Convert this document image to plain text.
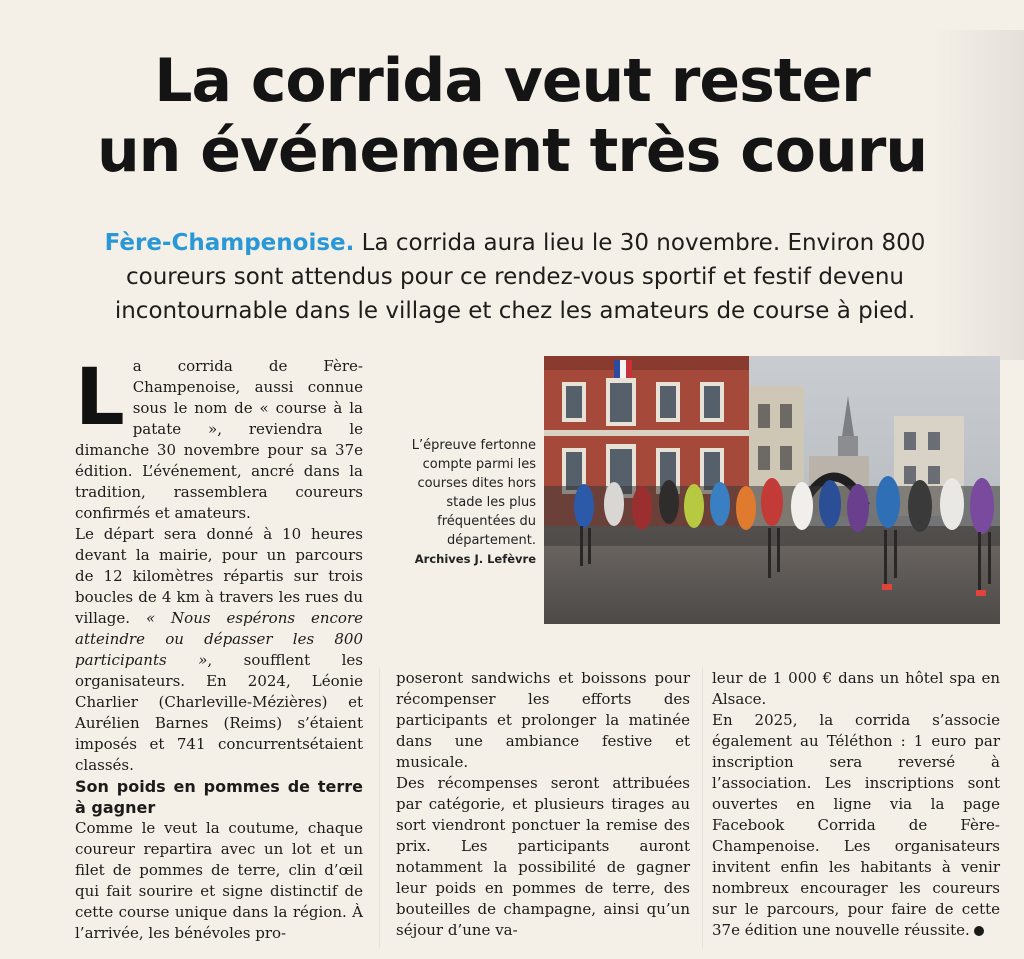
La corrida veut rester
un événement très couru
Fère-Champenoise. La corrida aura lieu le 30 novembre. Environ 800 coureurs sont attendus pour ce rendez-vous sportif et festif devenu incontournable dans le village et chez les amateurs de course à pied.

La corrida de Fère-Champenoise, aussi connue sous le nom de « course à la patate », reviendra le dimanche 30 novembre pour sa 37e édition. L’événement, ancré dans la tradition, rassemblera coureurs confirmés et amateurs.

Le départ sera donné à 10 heures devant la mairie, pour un parcours de 12 kilomètres répartis sur trois boucles de 4 km à travers les rues du village. « Nous espérons encore atteindre ou dépasser les 800 participants », soufflent les organisateurs. En 2024, Léonie Charlier (Charleville-Mézières) et Aurélien Barnes (Reims) s’étaient imposés et 741 concurrentsétaient classés.

Son poids en pommes de terre à gagner

Comme le veut la coutume, chaque coureur repartira avec un lot et un filet de pommes de terre, clin d’œil qui fait sourire et signe distinctif de cette course unique dans la région. À l’arrivée, les bénévoles pro-

L’épreuve fertonne compte parmi les courses dites hors stade les plus fréquentées du département.
Archives J. Lefèvre

poseront sandwichs et boissons pour récompenser les efforts des participants et prolonger la matinée dans une ambiance festive et musicale.

Des récompenses seront attribuées par catégorie, et plusieurs tirages au sort viendront ponctuer la remise des prix. Les participants auront notamment la possibilité de gagner leur poids en pommes de terre, des bouteilles de champagne, ainsi qu’un séjour d’une va-

leur de 1 000 € dans un hôtel spa en Alsace.

En 2025, la corrida s’associe également au Téléthon : 1 euro par inscription sera reversé à l’association. Les inscriptions sont ouvertes en ligne via la page Facebook Corrida de Fère-Champenoise. Les organisateurs invitent enfin les habitants à venir nombreux encourager les coureurs sur le parcours, pour faire de cette 37e édition une nouvelle réussite.
